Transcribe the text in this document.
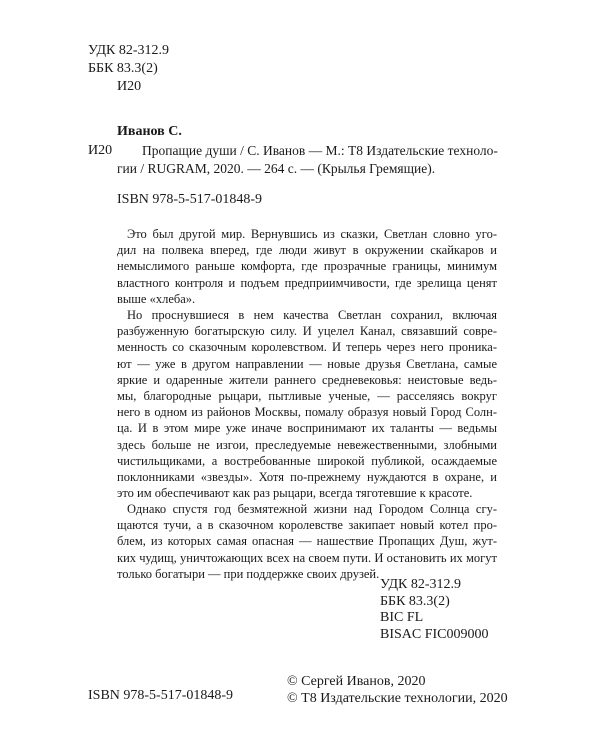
УДК 82-312.9
ББК 83.3(2)
И20
Иванов С.
И20 Пропащие души / С. Иванов — М.: Т8 Издательские техноло-
гии / RUGRAM, 2020. — 264 с. — (Крылья Гремящие).
ISBN 978-5-517-01848-9
Это был другой мир. Вернувшись из сказки, Светлан словно уго-
дил на полвека вперед, где люди живут в окружении скайкаров и
немыслимого раньше комфорта, где прозрачные границы, минимум
властного контроля и подъем предприимчивости, где зрелища ценят
выше «хлеба».
Но проснувшиеся в нем качества Светлан сохранил, включая
разбуженную богатырскую силу. И уцелел Канал, связавший совре-
менность со сказочным королевством. И теперь через него проника-
ют — уже в другом направлении — новые друзья Светлана, самые
яркие и одаренные жители раннего средневековья: неистовые ведь-
мы, благородные рыцари, пытливые ученые, — расселяясь вокруг
него в одном из районов Москвы, помалу образуя новый Город Солн-
ца. И в этом мире уже иначе воспринимают их таланты — ведьмы
здесь больше не изгои, преследуемые невежественными, злобными
чистильщиками, а востребованные широкой публикой, осаждаемые
поклонниками «звезды». Хотя по-прежнему нуждаются в охране, и
это им обеспечивают как раз рыцари, всегда тяготевшие к красоте.
Однако спустя год безмятежной жизни над Городом Солнца сгу-
щаются тучи, а в сказочном королевстве закипает новый котел про-
блем, из которых самая опасная — нашествие Пропащих Душ, жут-
ких чудищ, уничтожающих всех на своем пути. И остановить их могут
только богатыри — при поддержке своих друзей.
УДК 82-312.9
ББК 83.3(2)
BIC FL
BISAC FIC009000
ISBN 978-5-517-01848-9
© Сергей Иванов, 2020
© Т8 Издательские технологии, 2020
